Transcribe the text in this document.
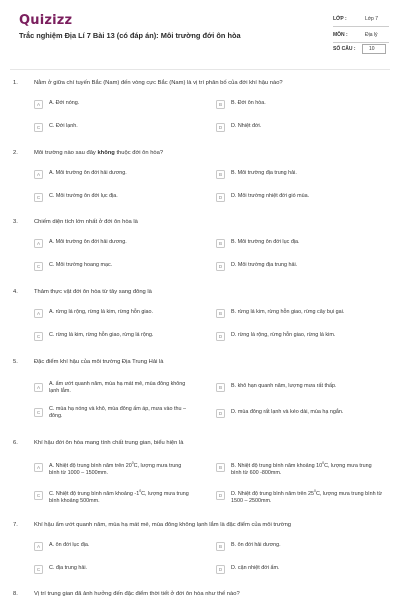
Quizizz
Trắc nghiệm Địa Lí 7 Bài 13 (có đáp án): Môi trường đới ôn hòa
LỚP :	Lớp 7
MÔN :	Địa lý
SỐ CÂU :	10
1.	Nằm ở giữa chí tuyến Bắc (Nam) đến vòng cực Bắc (Nam) là vị trí phân bố của đới khí hậu nào?
A	A. Đới nóng.	B	B. Đới ôn hòa.
C	C. Đới lạnh.	D	D. Nhiệt đới.
2.	Môi trường nào sau đây không thuộc đới ôn hòa?
A	A. Môi trường ôn đới hải dương.	B	B. Môi trường địa trung hải.
C	C. Môi trường ôn đới lục địa.	D	D. Môi trường nhiệt đới gió mùa.
3.	Chiếm diện tích lớn nhất ở đới ôn hòa là
A	A. Môi trường ôn đới hải dương.	B	B. Môi trường ôn đới lục địa.
C	C. Môi trường hoang mạc.	D	D. Môi trường địa trung hải.
4.	Thảm thực vật đới ôn hòa từ tây sang đông là
A	A. rừng lá rộng, rừng lá kim, rừng hỗn giao.	B	B. rừng lá kim, rừng hỗn giao, rừng cây bụi gai.
C	C. rừng lá kim, rừng hỗn giao, rừng lá rộng.	D	D. rừng lá rộng, rừng hỗn giao, rừng lá kim.
5.	Đặc điểm khí hậu của môi trường Địa Trung Hải là
A
A. ẩm ướt quanh năm, mùa hạ mát mẻ, mùa đông không lạnh lắm.
B	B. khô hạn quanh năm, lượng mưa rất thấp.
C
C. mùa hạ nóng và khô, mùa đông ấm áp, mưa vào thu – đông.	D	D. mùa đông rất lạnh và kéo dài, mùa hạ ngắn.
6.	Khí hậu đới ôn hòa mang tính chất trung gian, biểu hiện là
A	A. Nhiệt độ trung bình năm trên $20^0C$, lượng mưa trung bình từ 1000 – 1500mm.
B	B. Nhiệt độ trung bình năm khoảng $10^0C$, lượng mưa trung bình từ 600 -800mm.
C	C. Nhiệt độ trung bình năm khoảng $-1^0C$, lượng mưa trung bình khoảng 500mm.
D	D. Nhiệt độ trung bình năm trên $25^0C$, lượng mưa trung bình từ 1500 – 2500mm.
7.	Khí hậu ẩm ướt quanh năm, mùa hạ mát mẻ, mùa đông không lạnh lắm là đặc điểm của môi trường
A	A. ôn đới lục địa.	B	B. ôn đới hải dương.
C	C. địa trung hải.	D	D. cận nhiệt đới ẩm.
8.	Vị trí trung gian đã ảnh hưởng đến đặc điểm thời tiết ở đới ôn hòa như thế nào?
